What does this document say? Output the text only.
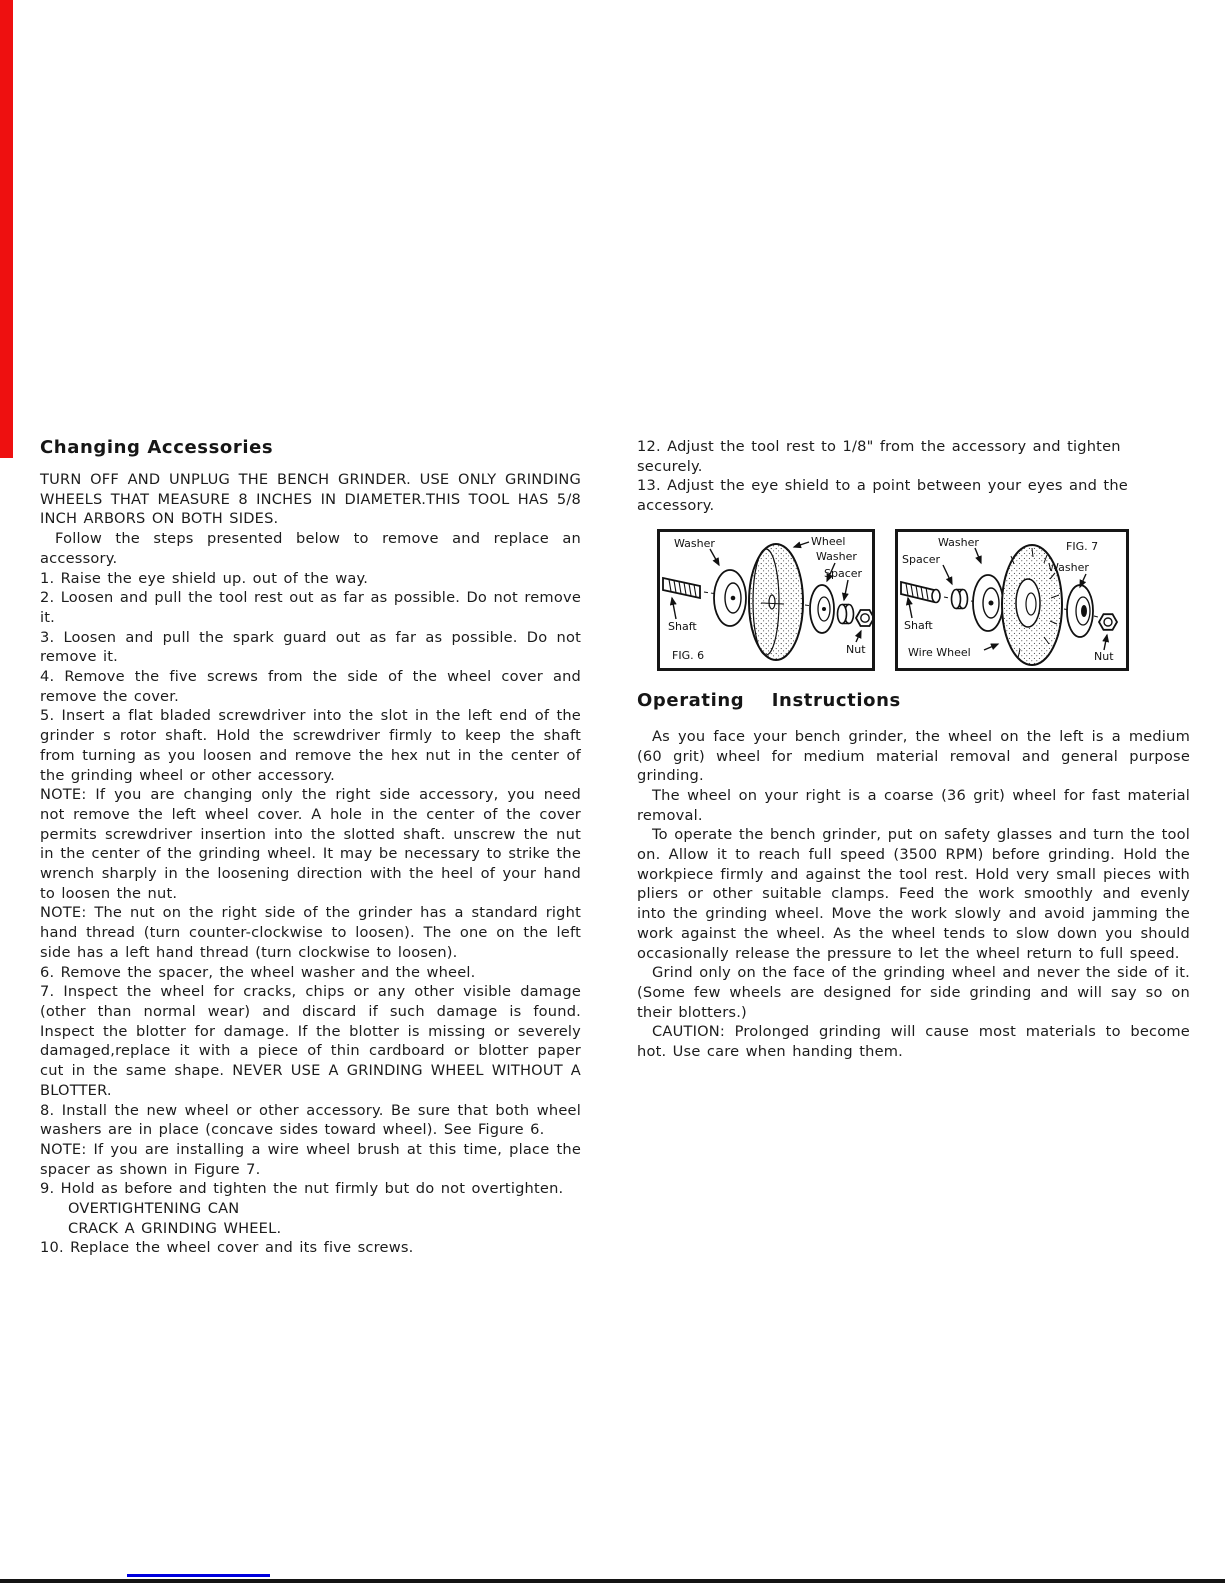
Changing Accessories

TURN OFF AND UNPLUG THE BENCH GRINDER. USE ONLY GRINDING WHEELS THAT MEASURE 8 INCHES IN DIAMETER.THIS TOOL HAS 5/8 INCH ARBORS ON BOTH SIDES.

Follow the steps presented below to remove and replace an accessory.

1. Raise the eye shield up. out of the way.

2. Loosen and pull the tool rest out as far as possible. Do not remove it.

3. Loosen and pull the spark guard out as far as possible. Do not remove it.

4. Remove the five screws from the side of the wheel cover and remove the cover.

5. Insert a flat bladed screwdriver into the slot in the left end of the grinder s rotor shaft. Hold the screwdriver firmly to keep the shaft from turning as you loosen and remove the hex nut in the center of the grinding wheel or other accessory.

NOTE: If you are changing only the right side accessory, you need not remove the left wheel cover. A hole in the center of the cover permits screwdriver insertion into the slotted shaft. unscrew the nut in the center of the grinding wheel. It may be necessary to strike the wrench sharply in the loosening direction with the heel of your hand to loosen the nut.

NOTE: The nut on the right side of the grinder has a standard right hand thread (turn counter-clockwise to loosen). The one on the left side has a left hand thread (turn clockwise to loosen).

6. Remove the spacer, the wheel washer and the wheel.

7. Inspect the wheel for cracks, chips or any other visible damage (other than normal wear) and discard if such damage is found. Inspect the blotter for damage. If the blotter is missing or severely damaged,replace it with a piece of thin cardboard or blotter paper cut in the same shape. NEVER USE A GRINDING WHEEL WITHOUT A BLOTTER.

8. Install the new wheel or other accessory. Be sure that both wheel washers are in place (concave sides toward wheel). See Figure 6.

NOTE: If you are installing a wire wheel brush at this time, place the spacer as shown in Figure 7.

9. Hold as before and tighten the nut firmly but do not overtighten.

OVERTIGHTENING CAN

CRACK A GRINDING WHEEL.

10. Replace the wheel cover and its five screws.

12. Adjust the tool rest to 1/8" from the accessory and tighten securely.

13. Adjust the eye shield to a point between your eyes and the accessory.

Washer	Wheel
Washer
Spacer
Shaft
FIG. 6	Nut
Washer
Spacer
FIG. 7
Washer
Shaft
Wire Wheel	Nut
Operating    Instructions

As you face your bench grinder, the wheel on the left is a medium (60 grit) wheel for medium material removal and general purpose grinding.

The wheel on your right is a coarse (36 grit) wheel for fast material removal.

To operate the bench grinder, put on safety glasses and turn the tool on. Allow it to reach full speed (3500 RPM) before grinding. Hold the workpiece firmly and against the tool rest. Hold very small pieces with pliers or other suitable clamps. Feed the work smoothly and evenly into the grinding wheel. Move the work slowly and avoid jamming the work against the wheel. As the wheel tends to slow down you should occasionally release the pressure to let the wheel return to full speed.

Grind only on the face of the grinding wheel and never the side of it. (Some few wheels are designed for side grinding and will say so on their blotters.)

CAUTION: Prolonged grinding will cause most materials to become hot. Use care when handing them.
